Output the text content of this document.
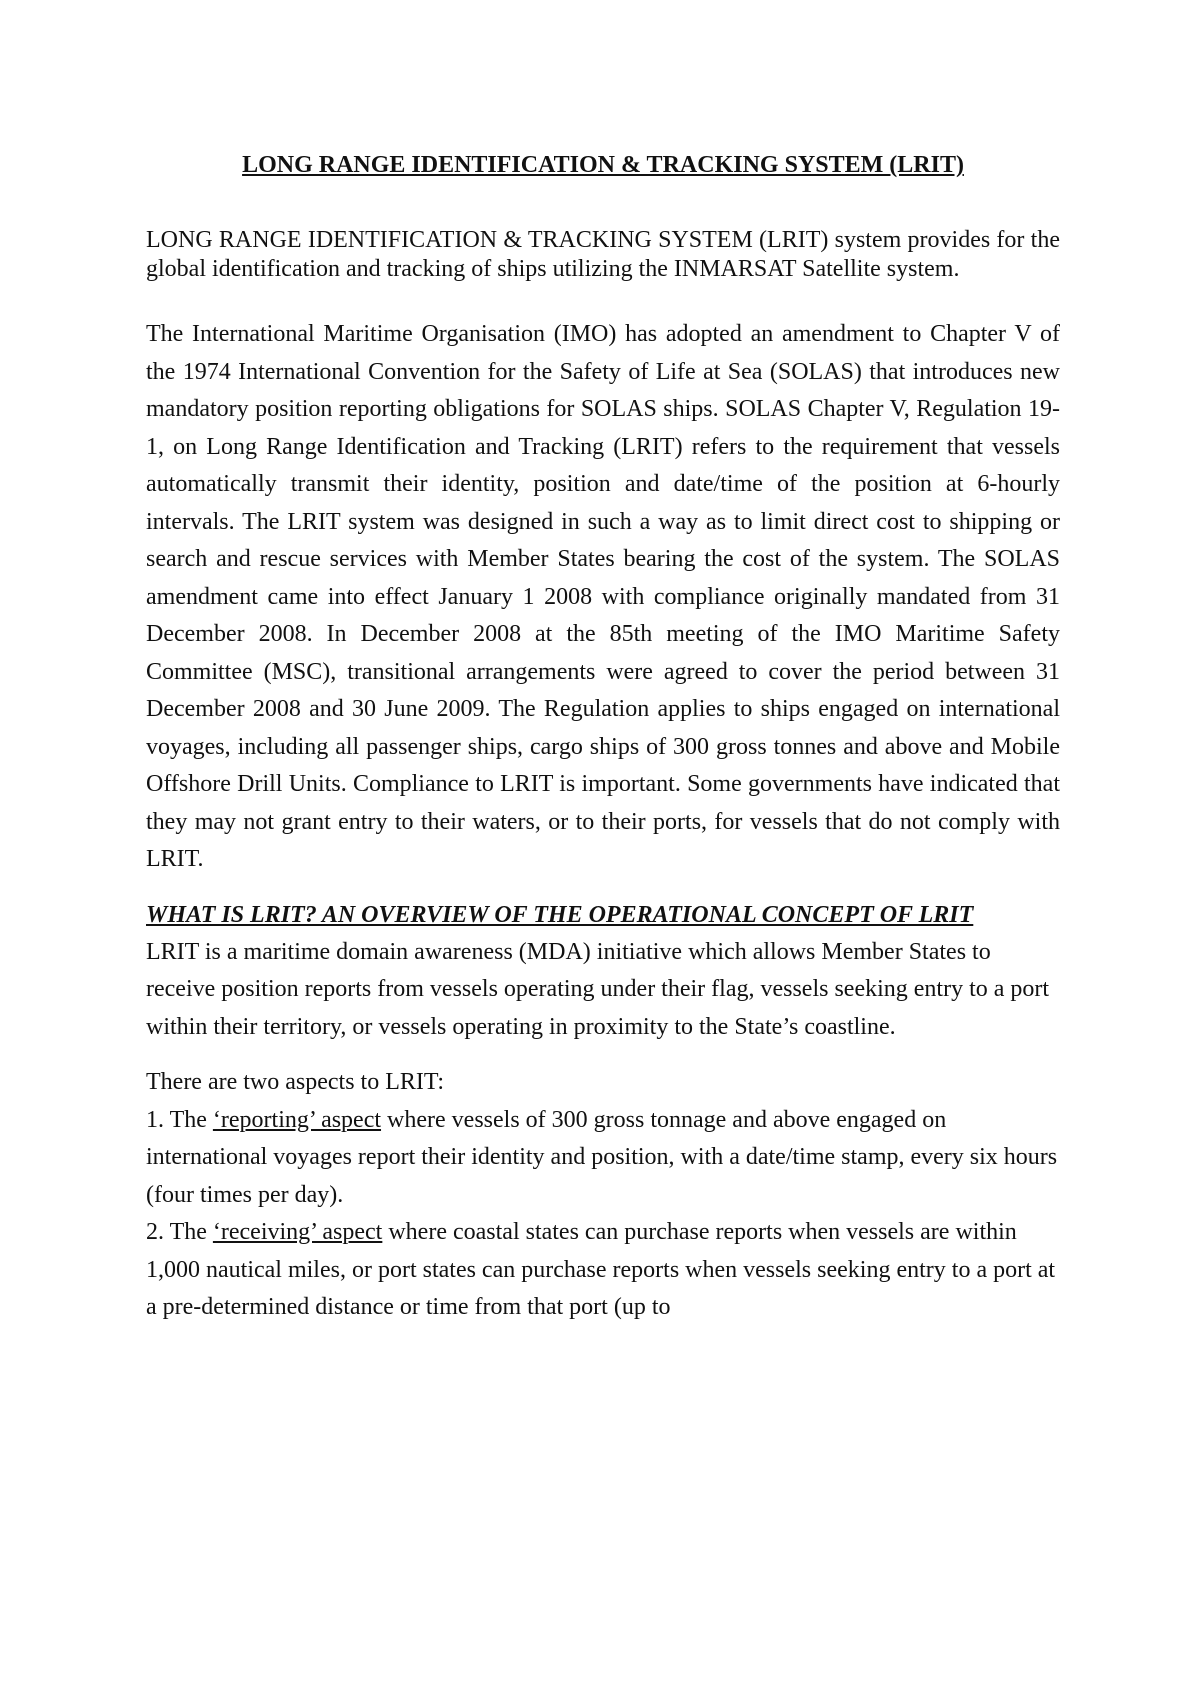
LONG RANGE IDENTIFICATION & TRACKING SYSTEM (LRIT)

LONG RANGE IDENTIFICATION & TRACKING SYSTEM (LRIT) system provides for the global identification and tracking of ships utilizing the INMARSAT Satellite system.

The International Maritime Organisation (IMO) has adopted an amendment to Chapter V of the 1974 International Convention for the Safety of Life at Sea (SOLAS) that introduces new mandatory position reporting obligations for SOLAS ships. SOLAS Chapter V, Regulation 19-1, on Long Range Identification and Tracking (LRIT) refers to the requirement that vessels automatically transmit their identity, position and date/time of the position at 6-hourly intervals. The LRIT system was designed in such a way as to limit direct cost to shipping or search and rescue services with Member States bearing the cost of the system. The SOLAS amendment came into effect January 1 2008 with compliance originally mandated from 31 December 2008. In December 2008 at the 85th meeting of the IMO Maritime Safety Committee (MSC), transitional arrangements were agreed to cover the period between 31 December 2008 and 30 June 2009. The Regulation applies to ships engaged on international voyages, including all passenger ships, cargo ships of 300 gross tonnes and above and Mobile Offshore Drill Units. Compliance to LRIT is important. Some governments have indicated that they may not grant entry to their waters, or to their ports, for vessels that do not comply with LRIT.

WHAT IS LRIT? AN OVERVIEW OF THE OPERATIONAL CONCEPT OF LRIT

LRIT is a maritime domain awareness (MDA) initiative which allows Member States to receive position reports from vessels operating under their flag, vessels seeking entry to a port within their territory, or vessels operating in proximity to the State’s coastline.

There are two aspects to LRIT:

1. The ‘reporting’ aspect where vessels of 300 gross tonnage and above engaged on international voyages report their identity and position, with a date/time stamp, every six hours (four times per day).

2. The ‘receiving’ aspect where coastal states can purchase reports when vessels are within 1,000 nautical miles, or port states can purchase reports when vessels seeking entry to a port at a pre-determined distance or time from that port (up to
